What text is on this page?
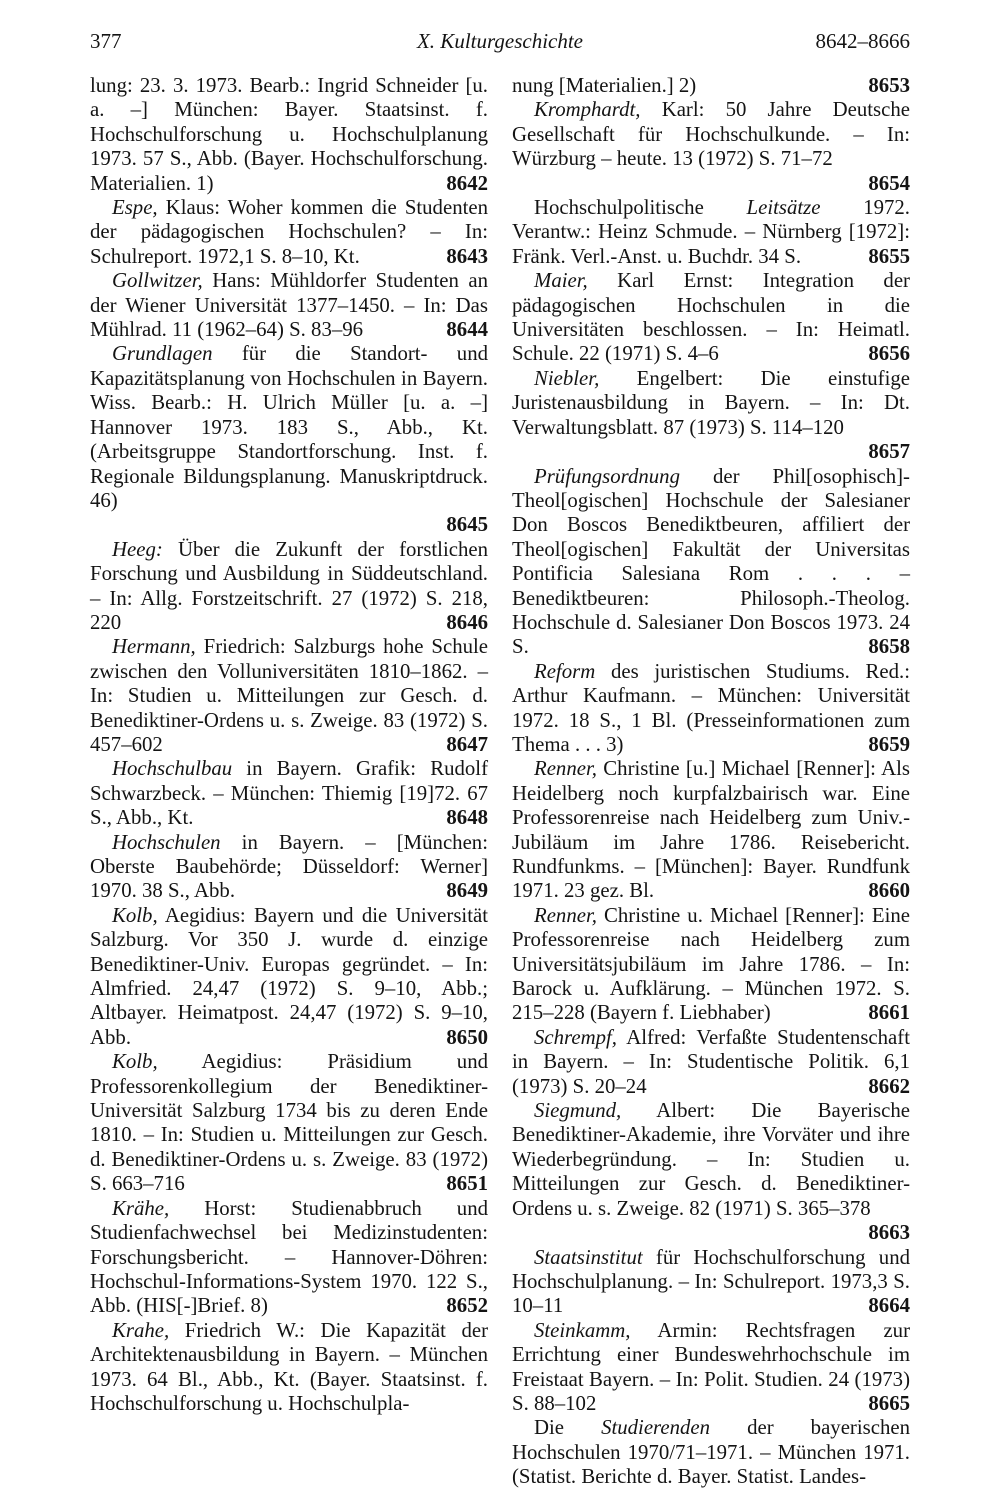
377	X. Kulturgeschichte	8642–8666

lung: 23. 3. 1973. Bearb.: Ingrid Schneider [u. a. –] München: Bayer. Staatsinst. f. Hochschulforschung u. Hochschulplanung 1973. 57 S., Abb. (Bayer. Hochschulforschung. Materialien. 1)	8642

Espe, Klaus: Woher kommen die Studenten der pädagogischen Hochschulen? – In: Schulreport. 1972,1 S. 8–10, Kt.	8643

Gollwitzer, Hans: Mühldorfer Studenten an der Wiener Universität 1377–1450. – In: Das Mühlrad. 11 (1962–64) S. 83–96	8644

Grundlagen für die Standort- und Kapazitätsplanung von Hochschulen in Bayern. Wiss. Bearb.: H. Ulrich Müller [u. a. –] Hannover 1973. 183 S., Abb., Kt. (Arbeitsgruppe Standortforschung. Inst. f. Regionale Bildungsplanung. Manuskriptdruck. 46)
8645

Heeg: Über die Zukunft der forstlichen Forschung und Ausbildung in Süddeutschland. – In: Allg. Forstzeitschrift. 27 (1972) S. 218, 220	8646

Hermann, Friedrich: Salzburgs hohe Schule zwischen den Volluniversitäten 1810–1862. – In: Studien u. Mitteilungen zur Gesch. d. Benediktiner-Ordens u. s. Zweige. 83 (1972) S. 457–602	8647

Hochschulbau in Bayern. Grafik: Rudolf Schwarzbeck. – München: Thiemig [19]72. 67 S., Abb., Kt.	8648

Hochschulen in Bayern. – [München: Oberste Baubehörde; Düsseldorf: Werner] 1970. 38 S., Abb.	8649

Kolb, Aegidius: Bayern und die Universität Salzburg. Vor 350 J. wurde d. einzige Benediktiner-Univ. Europas gegründet. – In: Almfried. 24,47 (1972) S. 9–10, Abb.; Altbayer. Heimatpost. 24,47 (1972) S. 9–10, Abb.	8650

Kolb, Aegidius: Präsidium und Professorenkollegium der Benediktiner-Universität Salzburg 1734 bis zu deren Ende 1810. – In: Studien u. Mitteilungen zur Gesch. d. Benediktiner-Ordens u. s. Zweige. 83 (1972) S. 663–716	8651

Krähe, Horst: Studienabbruch und Studienfachwechsel bei Medizinstudenten: Forschungsbericht. – Hannover-Döhren: Hochschul-Informations-System 1970. 122 S., Abb. (HIS[-]Brief. 8)	8652

Krahe, Friedrich W.: Die Kapazität der Architektenausbildung in Bayern. – München 1973. 64 Bl., Abb., Kt. (Bayer. Staatsinst. f. Hochschulforschung u. Hochschulpla-

nung [Materialien.] 2)	8653

Kromphardt, Karl: 50 Jahre Deutsche Gesellschaft für Hochschulkunde. – In: Würzburg – heute. 13 (1972) S. 71–72
8654

Hochschulpolitische Leitsätze 1972. Verantw.: Heinz Schmude. – Nürnberg [1972]: Fränk. Verl.-Anst. u. Buchdr. 34 S.	8655

Maier, Karl Ernst: Integration der pädagogischen Hochschulen in die Universitäten beschlossen. – In: Heimatl. Schule. 22 (1971) S. 4–6	8656

Niebler, Engelbert: Die einstufige Juristenausbildung in Bayern. – In: Dt. Verwaltungsblatt. 87 (1973) S. 114–120
8657

Prüfungsordnung der Phil[osophisch]-Theol[ogischen] Hochschule der Salesianer Don Boscos Benediktbeuren, affiliert der Theol[ogischen] Fakultät der Universitas Pontificia Salesiana Rom . . . – Benediktbeuren: Philosoph.-Theolog. Hochschule d. Salesianer Don Boscos 1973. 24 S.	8658

Reform des juristischen Studiums. Red.: Arthur Kaufmann. – München: Universität 1972. 18 S., 1 Bl. (Presseinformationen zum Thema . . . 3)	8659

Renner, Christine [u.] Michael [Renner]: Als Heidelberg noch kurpfalzbairisch war. Eine Professorenreise nach Heidelberg zum Univ.-Jubiläum im Jahre 1786. Reisebericht. Rundfunkms. – [München]: Bayer. Rundfunk 1971. 23 gez. Bl.	8660

Renner, Christine u. Michael [Renner]: Eine Professorenreise nach Heidelberg zum Universitätsjubiläum im Jahre 1786. – In: Barock u. Aufklärung. – München 1972. S. 215–228 (Bayern f. Liebhaber)	8661

Schrempf, Alfred: Verfaßte Studentenschaft in Bayern. – In: Studentische Politik. 6,1 (1973) S. 20–24	8662

Siegmund, Albert: Die Bayerische Benediktiner-Akademie, ihre Vorväter und ihre Wiederbegründung. – In: Studien u. Mitteilungen zur Gesch. d. Benediktiner-Ordens u. s. Zweige. 82 (1971) S. 365–378
8663

Staatsinstitut für Hochschulforschung und Hochschulplanung. – In: Schulreport. 1973,3 S. 10–11	8664

Steinkamm, Armin: Rechtsfragen zur Errichtung einer Bundeswehrhochschule im Freistaat Bayern. – In: Polit. Studien. 24 (1973) S. 88–102	8665

Die Studierenden der bayerischen Hochschulen 1970/71–1971. – München 1971. (Statist. Berichte d. Bayer. Statist. Landes-
